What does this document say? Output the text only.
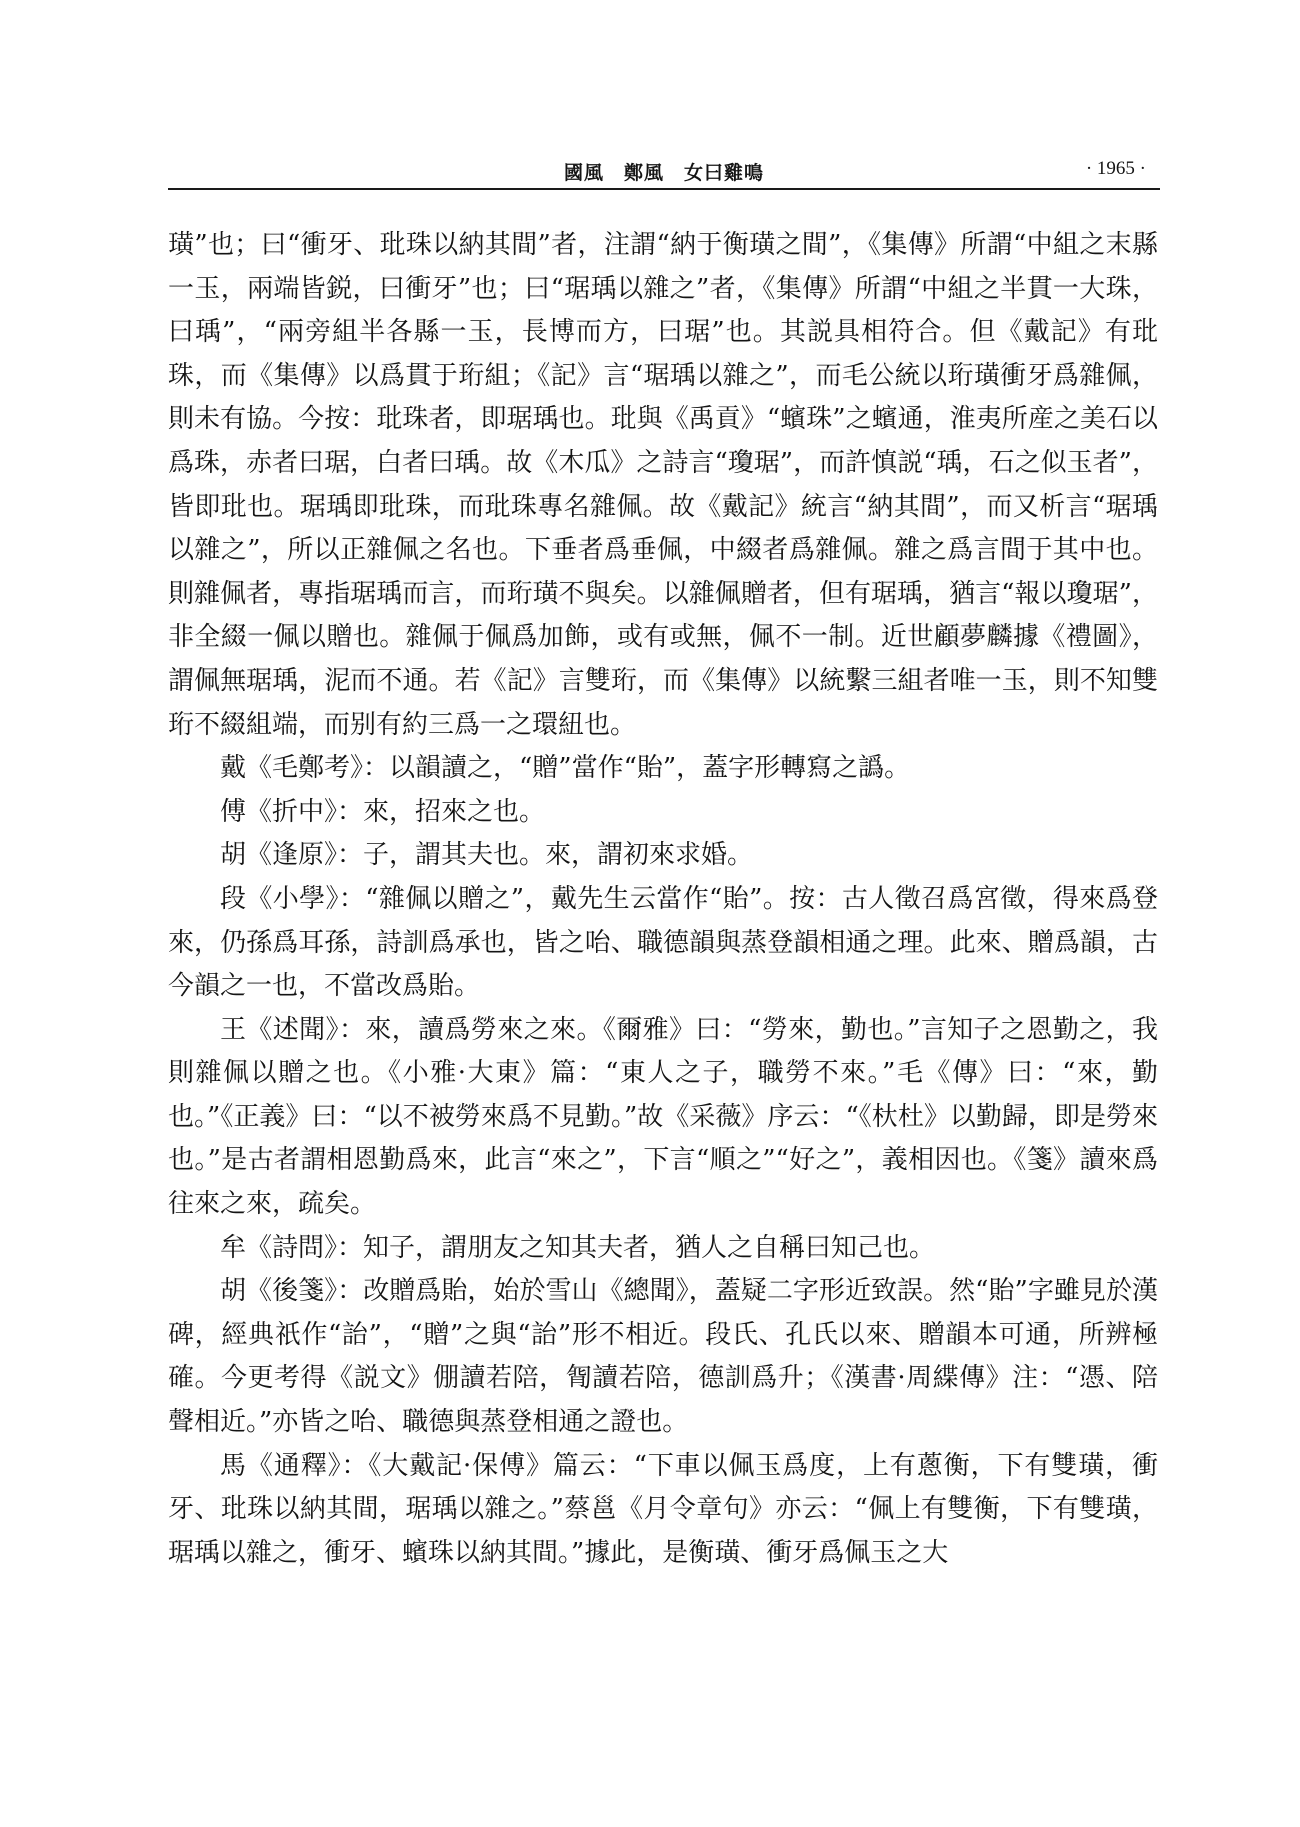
國風　鄭風　女曰雞鳴	· 1965 ·

璜”也；曰“衝牙、玭珠以納其間”者，注謂“納于衡璜之間”，《集傳》所謂“中組之末縣一玉，兩端皆鋭，曰衝牙”也；曰“琚瑀以雜之”者，《集傳》所謂“中組之半貫一大珠，曰瑀”，“兩旁組半各縣一玉，長博而方，曰琚”也。其説具相符合。但《戴記》有玭珠，而《集傳》以爲貫于珩組；《記》言“琚瑀以雜之”，而毛公統以珩璜衝牙爲雜佩，則未有協。今按：玭珠者，即琚瑀也。玭與《禹貢》“蠙珠”之蠙通，淮夷所産之美石以爲珠，赤者曰琚，白者曰瑀。故《木瓜》之詩言“瓊琚”，而許慎説“瑀，石之似玉者”，皆即玭也。琚瑀即玭珠，而玭珠專名雜佩。故《戴記》統言“納其間”，而又析言“琚瑀以雜之”，所以正雜佩之名也。下垂者爲垂佩，中綴者爲雜佩。雜之爲言間于其中也。則雜佩者，專指琚瑀而言，而珩璜不與矣。以雜佩贈者，但有琚瑀，猶言“報以瓊琚”，非全綴一佩以贈也。雜佩于佩爲加飾，或有或無，佩不一制。近世顧夢麟據《禮圖》，謂佩無琚瑀，泥而不通。若《記》言雙珩，而《集傳》以統繫三組者唯一玉，則不知雙珩不綴組端，而别有約三爲一之環紐也。

戴《毛鄭考》：以韻讀之，“贈”當作“貽”，蓋字形轉寫之譌。

傅《折中》：來，招來之也。

胡《逢原》：子，謂其夫也。來，謂初來求婚。

段《小學》：“雜佩以贈之”，戴先生云當作“貽”。按：古人徵召爲宮徵，得來爲登來，仍孫爲耳孫，詩訓爲承也，皆之咍、職德韻與蒸登韻相通之理。此來、贈爲韻，古今韻之一也，不當改爲貽。

王《述聞》：來，讀爲勞來之來。《爾雅》曰：“勞來，勤也。”言知子之恩勤之，我則雜佩以贈之也。《小雅·大東》篇：“東人之子，職勞不來。”毛《傳》曰：“來，勤也。”《正義》曰：“以不被勞來爲不見勤。”故《采薇》序云：“《杕杜》以勤歸，即是勞來也。”是古者謂相恩勤爲來，此言“來之”，下言“順之”“好之”，義相因也。《箋》讀來爲往來之來，疏矣。

牟《詩問》：知子，謂朋友之知其夫者，猶人之自稱曰知己也。

胡《後箋》：改贈爲貽，始於雪山《總聞》，蓋疑二字形近致誤。然“貽”字雖見於漢碑，經典祇作“詒”，“贈”之與“詒”形不相近。段氏、孔氏以來、贈韻本可通，所辨極確。今更考得《説文》倗讀若陪，㔨讀若陪，德訓爲升；《漢書·周緤傳》注：“憑、陪聲相近。”亦皆之咍、職德與蒸登相通之證也。

馬《通釋》：《大戴記·保傅》篇云：“下車以佩玉爲度，上有蔥衡，下有雙璜，衝牙、玭珠以納其間，琚瑀以雜之。”蔡邕《月令章句》亦云：“佩上有雙衡，下有雙璜，琚瑀以雜之，衝牙、蠙珠以納其間。”據此，是衡璜、衝牙爲佩玉之大
